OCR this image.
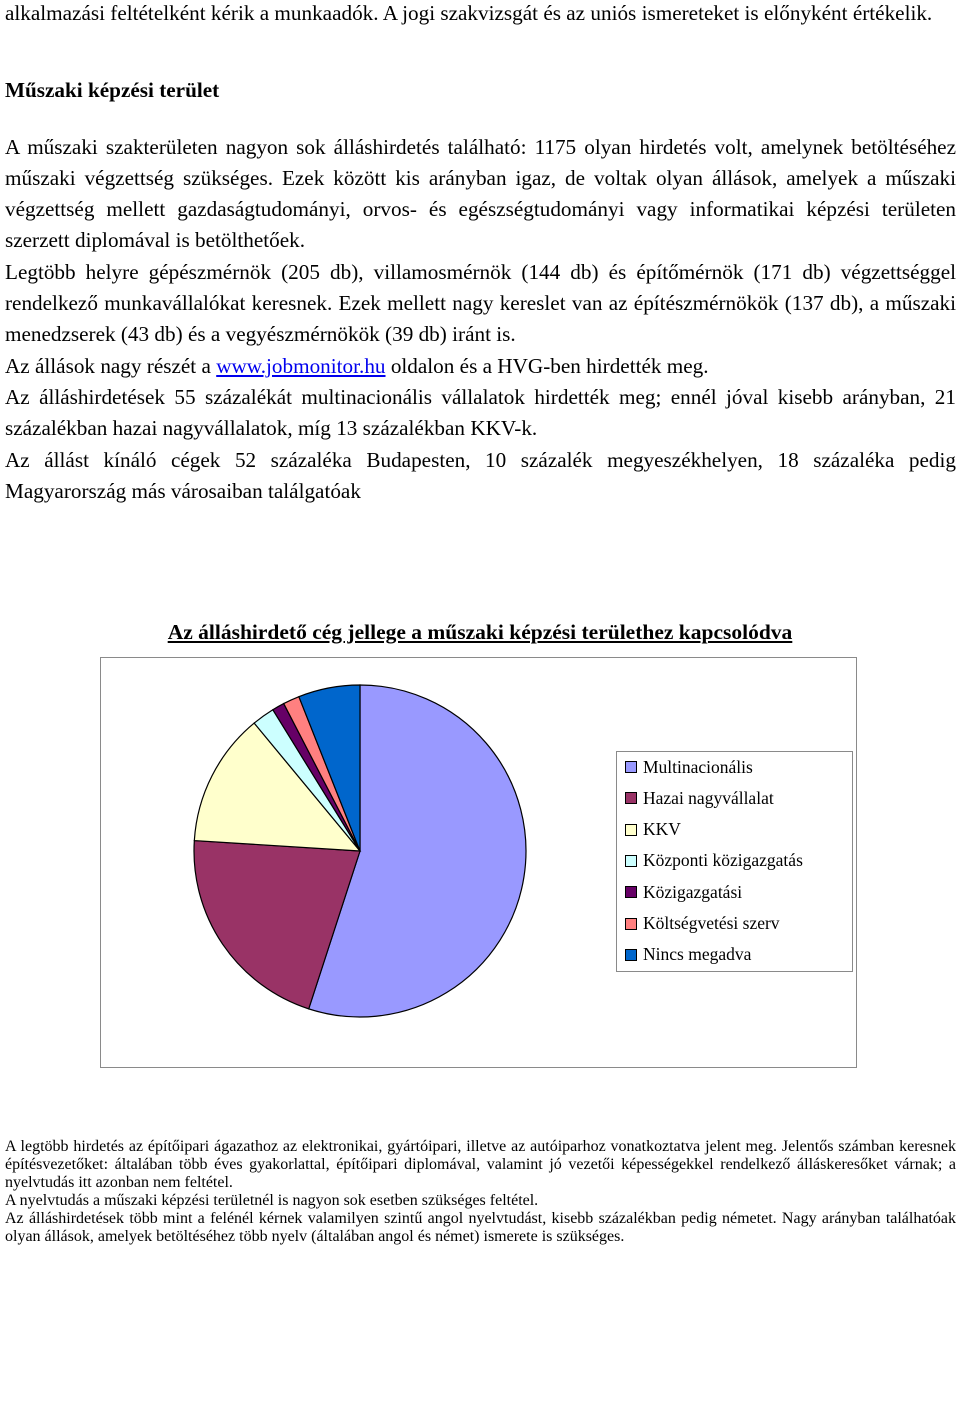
alkalmazási feltételként kérik a munkaadók. A jogi szakvizsgát és az uniós ismereteket is előnyként értékelik.

Műszaki képzési terület

A műszaki szakterületen nagyon sok álláshirdetés található: 1175 olyan hirdetés volt, amelynek betöltéséhez műszaki végzettség szükséges. Ezek között kis arányban igaz, de voltak olyan állások, amelyek a műszaki végzettség mellett gazdaságtudományi, orvos- és egészségtudományi vagy informatikai képzési területen szerzett diplomával is betölthetőek.

Legtöbb helyre gépészmérnök (205 db), villamosmérnök (144 db) és építőmérnök (171 db) végzettséggel rendelkező munkavállalókat keresnek. Ezek mellett nagy kereslet van az építészmérnökök (137 db), a műszaki menedzserek (43 db) és a vegyészmérnökök (39 db) iránt is.

Az állások nagy részét a www.jobmonitor.hu oldalon és a HVG-ben hirdették meg.

Az álláshirdetések 55 százalékát multinacionális vállalatok hirdették meg; ennél jóval kisebb arányban, 21 százalékban hazai nagyvállalatok, míg 13 százalékban KKV-k.

Az állást kínáló cégek 52 százaléka Budapesten, 10 százalék megyeszékhelyen, 18 százaléka pedig Magyarország más városaiban találgatóak

Az álláshirdető cég jellege a műszaki képzési területhez kapcsolódva
Multinacionális
Hazai nagyvállalat
KKV
Központi közigazgatás
Közigazgatási
Költségvetési szerv
Nincs megadva

A legtöbb hirdetés az építőipari ágazathoz az elektronikai, gyártóipari, illetve az autóiparhoz vonatkoztatva jelent meg. Jelentős számban keresnek építésvezetőket: általában több éves gyakorlattal, építőipari diplomával, valamint jó vezetői képességekkel rendelkező álláskeresőket várnak; a nyelvtudás itt azonban nem feltétel.

A nyelvtudás a műszaki képzési területnél is nagyon sok esetben szükséges feltétel.

Az álláshirdetések több mint a felénél kérnek valamilyen szintű angol nyelvtudást, kisebb százalékban pedig németet. Nagy arányban találhatóak olyan állások, amelyek betöltéséhez több nyelv (általában angol és német) ismerete is szükséges.
